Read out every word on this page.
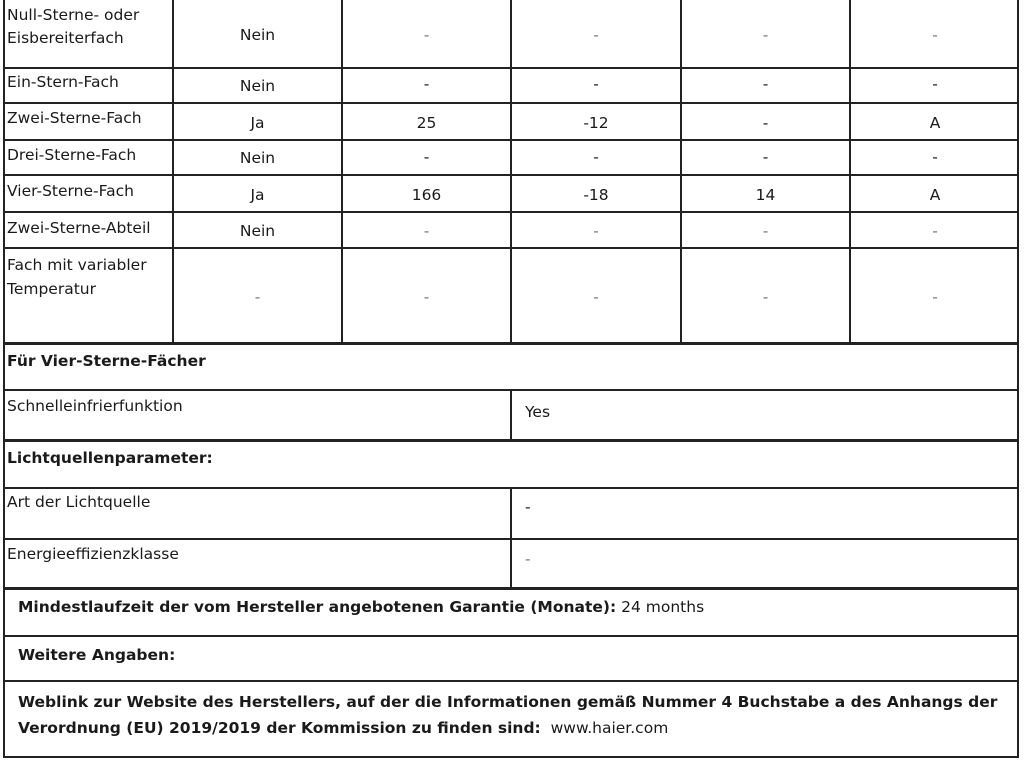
Null-Sterne- oder Eisbereiterfach	Nein	-	-	-	-
Ein-Stern-Fach	Nein	-	-	-	-
Zwei-Sterne-Fach	Ja	25	-12	-	A
Drei-Sterne-Fach	Nein	-	-	-	-
Vier-Sterne-Fach	Ja	166	-18	14	A
Zwei-Sterne-Abteil	Nein	-	-	-	-
Fach mit variabler Temperatur	-	-	-	-	-
Für Vier-Sterne-Fächer
Schnelleinfrierfunktion	Yes
Lichtquellenparameter:
Art der Lichtquelle	-
Energieeffizienzklasse	-
Mindestlaufzeit der vom Hersteller angebotenen Garantie (Monate): 24 months
Weitere Angaben:
Weblink zur Website des Herstellers, auf der die Informationen gemäß Nummer 4 Buchstabe a des Anhangs der Verordnung (EU) 2019/2019 der Kommission zu finden sind: www.haier.com
